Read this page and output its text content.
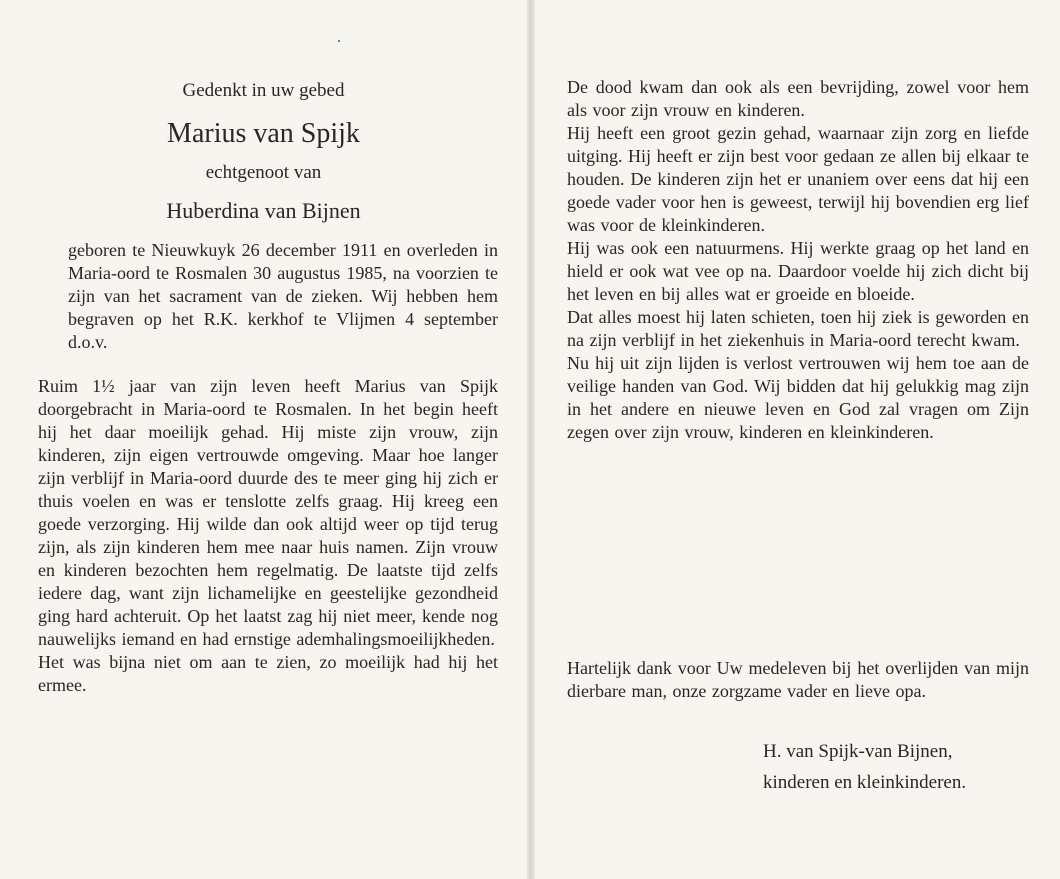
Gedenkt in uw gebed
Marius van Spijk
echtgenoot van
Huberdina van Bijnen
geboren te Nieuwkuyk 26 december 1911 en overleden in Maria-oord te Rosmalen 30 augustus 1985, na voorzien te zijn van het sacrament van de zieken. Wij hebben hem begraven op het R.K. kerkhof te Vlijmen 4 september d.o.v.

Ruim 1½ jaar van zijn leven heeft Marius van Spijk doorgebracht in Maria-oord te Rosmalen. In het begin heeft hij het daar moeilijk gehad. Hij miste zijn vrouw, zijn kinderen, zijn eigen vertrouwde omgeving. Maar hoe langer zijn verblijf in Maria-oord duurde des te meer ging hij zich er thuis voelen en was er tenslotte zelfs graag. Hij kreeg een goede verzorging. Hij wilde dan ook altijd weer op tijd terug zijn, als zijn kinderen hem mee naar huis namen. Zijn vrouw en kinderen bezochten hem regelmatig. De laatste tijd zelfs iedere dag, want zijn lichamelijke en geestelijke gezondheid ging hard achteruit. Op het laatst zag hij niet meer, kende nog nauwelijks iemand en had ernstige ademhalingsmoeilijkheden.

Het was bijna niet om aan te zien, zo moeilijk had hij het ermee.

De dood kwam dan ook als een bevrijding, zowel voor hem als voor zijn vrouw en kinderen.

Hij heeft een groot gezin gehad, waarnaar zijn zorg en liefde uitging. Hij heeft er zijn best voor gedaan ze allen bij elkaar te houden. De kinderen zijn het er unaniem over eens dat hij een goede vader voor hen is geweest, terwijl hij bovendien erg lief was voor de kleinkinderen.

Hij was ook een natuurmens. Hij werkte graag op het land en hield er ook wat vee op na. Daardoor voelde hij zich dicht bij het leven en bij alles wat er groeide en bloeide.

Dat alles moest hij laten schieten, toen hij ziek is geworden en na zijn verblijf in het ziekenhuis in Maria-oord terecht kwam.

Nu hij uit zijn lijden is verlost vertrouwen wij hem toe aan de veilige handen van God. Wij bidden dat hij gelukkig mag zijn in het andere en nieuwe leven en God zal vragen om Zijn zegen over zijn vrouw, kinderen en kleinkinderen.

Hartelijk dank voor Uw medeleven bij het overlijden van mijn dierbare man, onze zorgzame vader en lieve opa.
H. van Spijk-van Bijnen,
kinderen en kleinkinderen.
